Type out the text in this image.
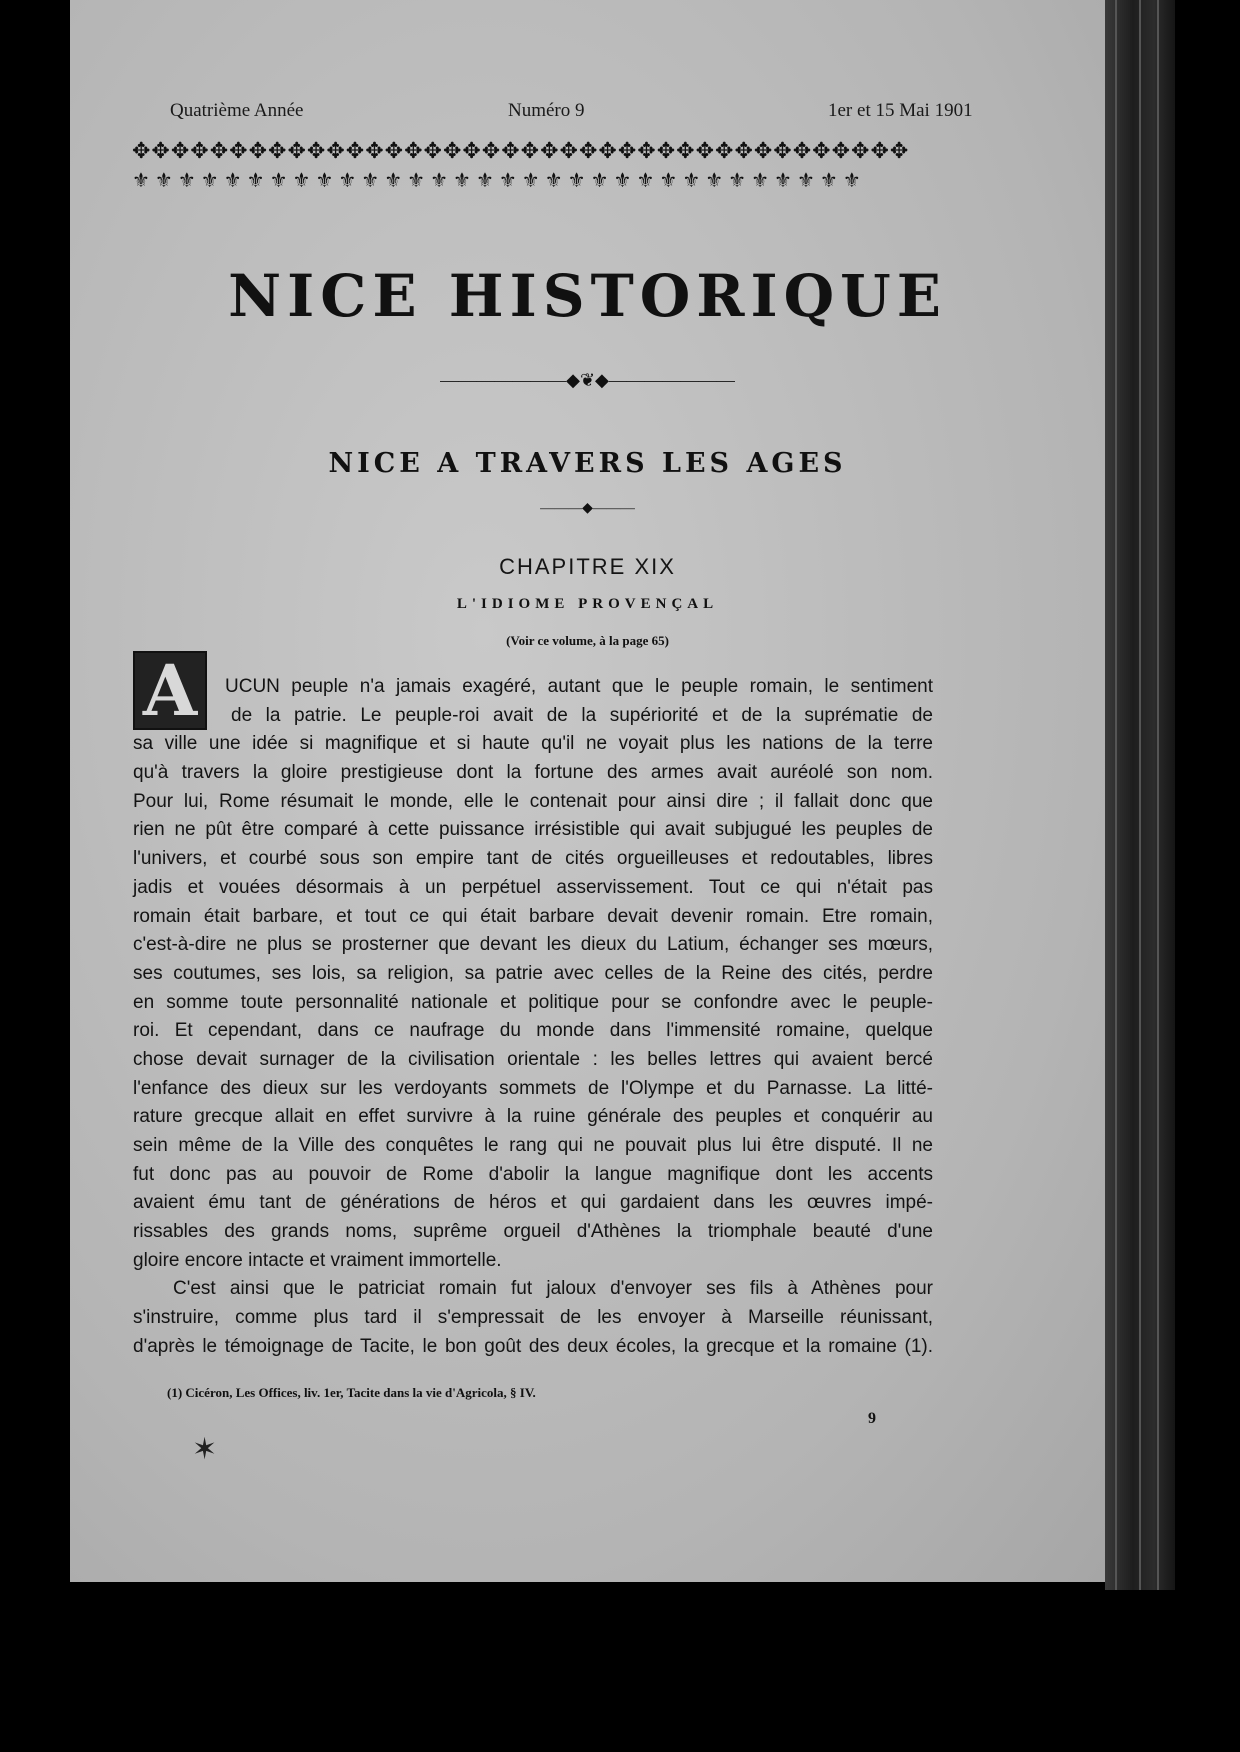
Quatrième Année	Numéro 9	1er et 15 Mai 1901
✥✥✥✥✥✥✥✥✥✥✥✥✥✥✥✥✥✥✥✥✥✥✥✥✥✥✥✥✥✥✥✥✥✥✥✥✥✥✥✥
⚜ ⚜ ⚜ ⚜ ⚜ ⚜ ⚜ ⚜ ⚜ ⚜ ⚜ ⚜ ⚜ ⚜ ⚜ ⚜ ⚜ ⚜ ⚜ ⚜ ⚜ ⚜ ⚜ ⚜ ⚜ ⚜ ⚜ ⚜ ⚜ ⚜ ⚜ ⚜
NICE HISTORIQUE
———————◆❦◆———————
NICE A TRAVERS LES AGES
———◆———
CHAPITRE XIX
L'IDIOME PROVENÇAL
(Voir ce volume, à la page 65)
A	UCUN peuple n'a jamais exagéré, autant que le peuple romain, le sentiment
de la patrie. Le peuple-roi avait de la supériorité et de la suprématie de
sa ville une idée si magnifique et si haute qu'il ne voyait plus les nations de la terre
qu'à travers la gloire prestigieuse dont la fortune des armes avait auréolé son nom.
Pour lui, Rome résumait le monde, elle le contenait pour ainsi dire ; il fallait donc que
rien ne pût être comparé à cette puissance irrésistible qui avait subjugué les peuples de
l'univers, et courbé sous son empire tant de cités orgueilleuses et redoutables, libres
jadis et vouées désormais à un perpétuel asservissement. Tout ce qui n'était pas
romain était barbare, et tout ce qui était barbare devait devenir romain. Etre romain,
c'est-à-dire ne plus se prosterner que devant les dieux du Latium, échanger ses mœurs,
ses coutumes, ses lois, sa religion, sa patrie avec celles de la Reine des cités, perdre
en somme toute personnalité nationale et politique pour se confondre avec le peuple-
roi. Et cependant, dans ce naufrage du monde dans l'immensité romaine, quelque
chose devait surnager de la civilisation orientale : les belles lettres qui avaient bercé
l'enfance des dieux sur les verdoyants sommets de l'Olympe et du Parnasse. La litté-
rature grecque allait en effet survivre à la ruine générale des peuples et conquérir au
sein même de la Ville des conquêtes le rang qui ne pouvait plus lui être disputé. Il ne
fut donc pas au pouvoir de Rome d'abolir la langue magnifique dont les accents
avaient ému tant de générations de héros et qui gardaient dans les œuvres impé-
rissables des grands noms, suprême orgueil d'Athènes la triomphale beauté d'une
gloire encore intacte et vraiment immortelle.
C'est ainsi que le patriciat romain fut jaloux d'envoyer ses fils à Athènes pour
s'instruire, comme plus tard il s'empressait de les envoyer à Marseille réunissant,
d'après le témoignage de Tacite, le bon goût des deux écoles, la grecque et la romaine (1).
(1) Cicéron, Les Offices, liv. 1er, Tacite dans la vie d'Agricola, § IV.
9
✶
